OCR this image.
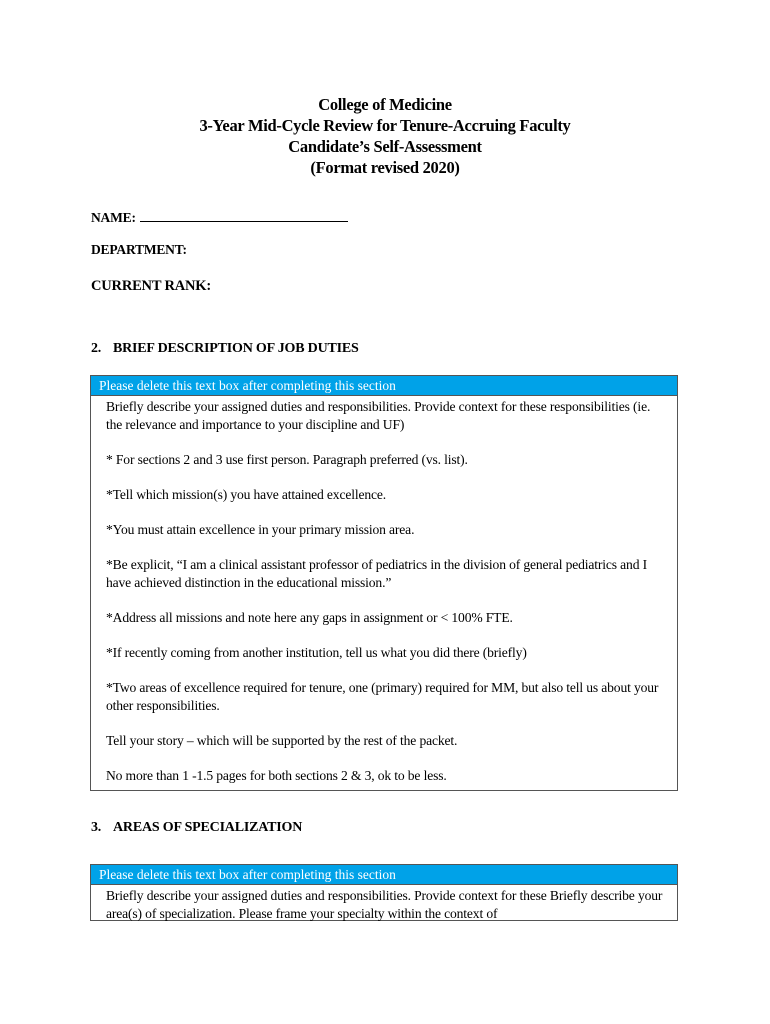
College of Medicine
3-Year Mid-Cycle Review for Tenure-Accruing Faculty
Candidate’s Self-Assessment
(Format revised 2020)
NAME:
DEPARTMENT:
CURRENT RANK:
2. BRIEF DESCRIPTION OF JOB DUTIES
Please delete this text box after completing this section

Briefly describe your assigned duties and responsibilities. Provide context for these responsibilities (ie. the relevance and importance to your discipline and UF)

* For sections 2 and 3 use first person. Paragraph preferred (vs. list).

*Tell which mission(s) you have attained excellence.

*You must attain excellence in your primary mission area.

*Be explicit, “I am a clinical assistant professor of pediatrics in the division of general pediatrics and I have achieved distinction in the educational mission.”

*Address all missions and note here any gaps in assignment or < 100% FTE.

*If recently coming from another institution, tell us what you did there (briefly)

*Two areas of excellence required for tenure, one (primary) required for MM, but also tell us about your other responsibilities.

Tell your story – which will be supported by the rest of the packet.

No more than 1 -1.5 pages for both sections 2 & 3, ok to be less.

3. AREAS OF SPECIALIZATION
Please delete this text box after completing this section

Briefly describe your assigned duties and responsibilities. Provide context for these Briefly describe your area(s) of specialization. Please frame your specialty within the context of
